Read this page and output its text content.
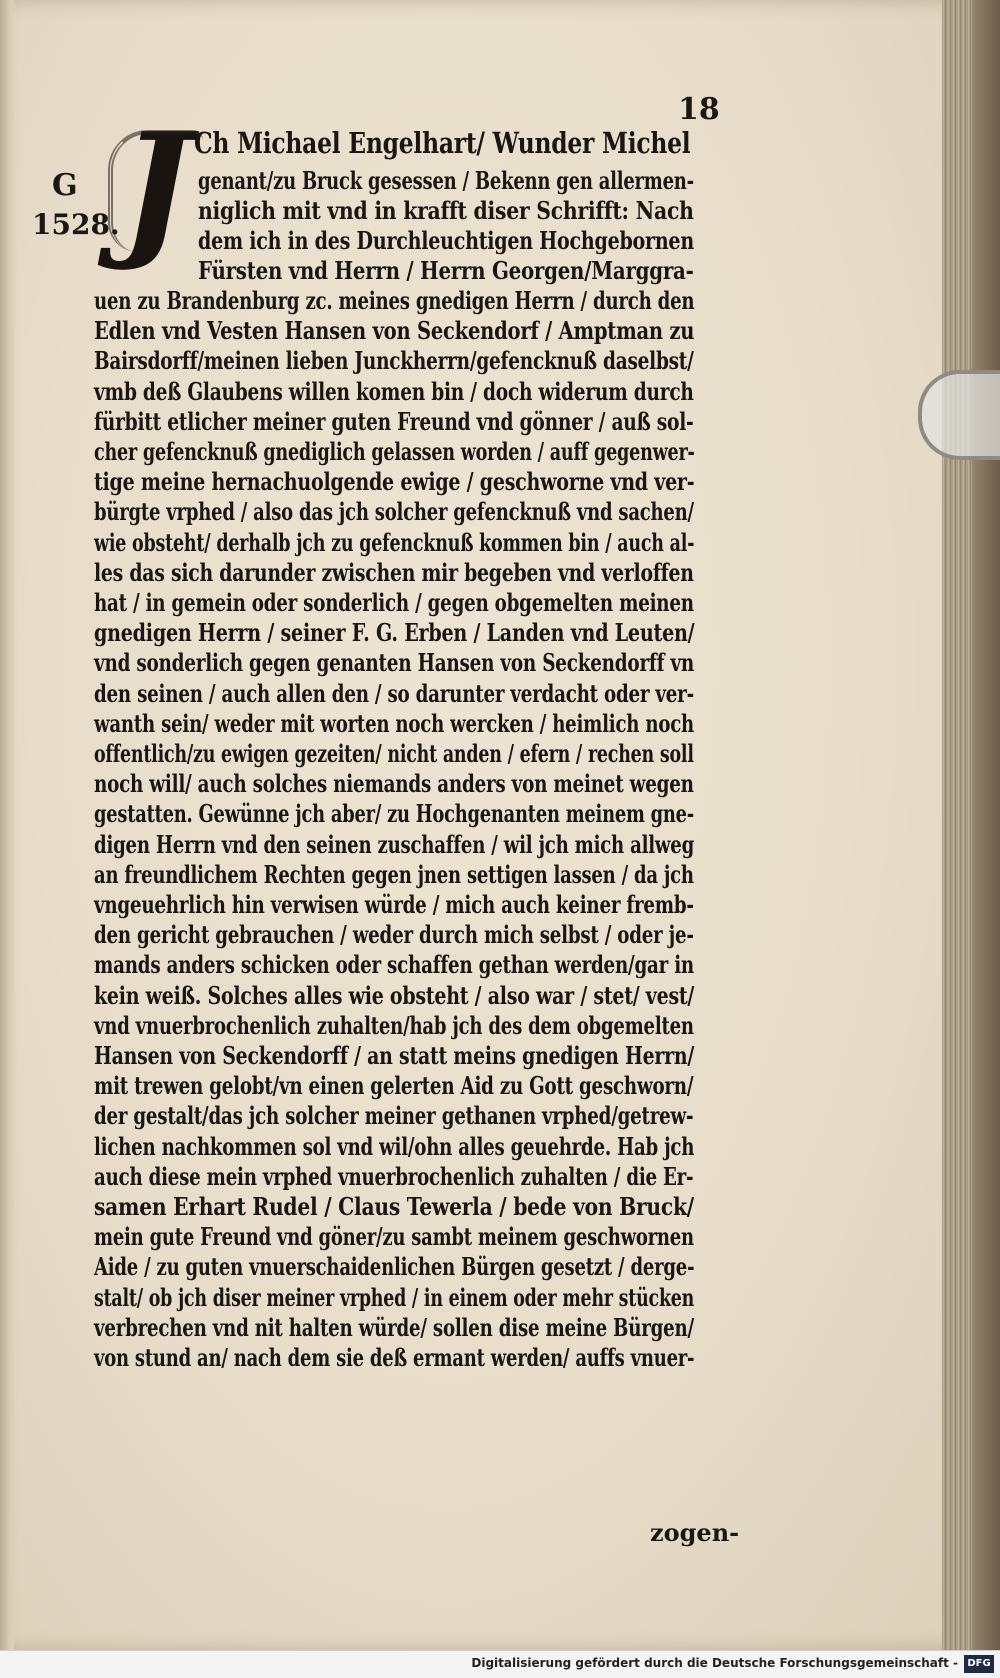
18
G
1528. J Ch Michael Engelhart/ Wunder Michel
genant/zu Bruck gesessen / Bekenn gen allermen-
niglich mit vnd in krafft diser Schrifft: Nach
dem ich in des Durchleuchtigen Hochgebornen
Fürsten vnd Herrn / Herrn Georgen/Marggra-
uen zu Brandenburg zc. meines gnedigen Herrn / durch den
Edlen vnd Vesten Hansen von Seckendorf / Amptman zu
Bairsdorff/meinen lieben Junckherrn/gefencknuß daselbst/
vmb deß Glaubens willen komen bin / doch widerum durch
fürbitt etlicher meiner guten Freund vnd gönner / auß sol-
cher gefencknuß gnediglich gelassen worden / auff gegenwer-
tige meine hernachuolgende ewige / geschworne vnd ver-
bürgte vrphed / also das jch solcher gefencknuß vnd sachen/
wie obsteht/ derhalb jch zu gefencknuß kommen bin / auch al-
les das sich darunder zwischen mir begeben vnd verloffen
hat / in gemein oder sonderlich / gegen obgemelten meinen
gnedigen Herrn / seiner F. G. Erben / Landen vnd Leuten/
vnd sonderlich gegen genanten Hansen von Seckendorff vn
den seinen / auch allen den / so darunter verdacht oder ver-
wanth sein/ weder mit worten noch wercken / heimlich noch
offentlich/zu ewigen gezeiten/ nicht anden / efern / rechen soll
noch will/ auch solches niemands anders von meinet wegen
gestatten. Gewünne jch aber/ zu Hochgenanten meinem gne-
digen Herrn vnd den seinen zuschaffen / wil jch mich allweg
an freundlichem Rechten gegen jnen settigen lassen / da jch
vngeuehrlich hin verwisen würde / mich auch keiner fremb-
den gericht gebrauchen / weder durch mich selbst / oder je-
mands anders schicken oder schaffen gethan werden/gar in
kein weiß. Solches alles wie obsteht / also war / stet/ vest/
vnd vnuerbrochenlich zuhalten/hab jch des dem obgemelten
Hansen von Seckendorff / an statt meins gnedigen Herrn/
mit trewen gelobt/vn einen gelerten Aid zu Gott geschworn/
der gestalt/das jch solcher meiner gethanen vrphed/getrew-
lichen nachkommen sol vnd wil/ohn alles geuehrde. Hab jch
auch diese mein vrphed vnuerbrochenlich zuhalten / die Er-
samen Erhart Rudel / Claus Tewerla / bede von Bruck/
mein gute Freund vnd göner/zu sambt meinem geschwornen
Aide / zu guten vnuerschaidenlichen Bürgen gesetzt / derge-
stalt/ ob jch diser meiner vrphed / in einem oder mehr stücken
verbrechen vnd nit halten würde/ sollen dise meine Bürgen/
von stund an/ nach dem sie deß ermant werden/ auffs vnuer-
zogen-
Digitalisierung gefördert durch die Deutsche Forschungsgemeinschaft - DFG
